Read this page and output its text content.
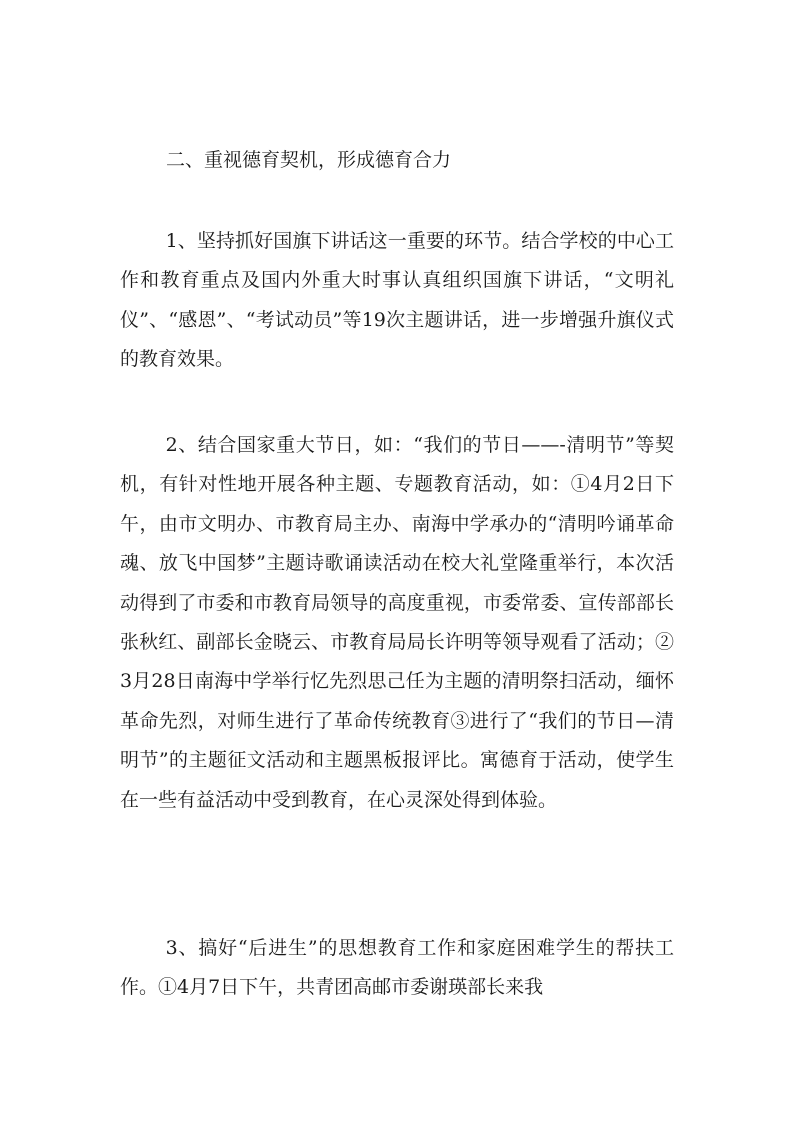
二、重视德育契机，形成德育合力

1、坚持抓好国旗下讲话这一重要的环节。结合学校的中心工作和教育重点及国内外重大时事认真组织国旗下讲话，“文明礼仪”、“感恩”、“考试动员”等19次主题讲话，进一步增强升旗仪式的教育效果。

2、结合国家重大节日，如：“我们的节日——-清明节”等契机，有针对性地开展各种主题、专题教育活动，如：①4月2日下午，由市文明办、市教育局主办、南海中学承办的“清明吟诵革命魂、放飞中国梦”主题诗歌诵读活动在校大礼堂隆重举行，本次活动得到了市委和市教育局领导的高度重视，市委常委、宣传部部长张秋红、副部长金晓云、市教育局局长许明等领导观看了活动；②3月28日南海中学举行忆先烈思己任为主题的清明祭扫活动，缅怀革命先烈，对师生进行了革命传统教育③进行了“我们的节日—清明节”的主题征文活动和主题黑板报评比。寓德育于活动，使学生在一些有益活动中受到教育，在心灵深处得到体验。

3、搞好“后进生”的思想教育工作和家庭困难学生的帮扶工作。①4月7日下午，共青团高邮市委谢瑛部长来我
